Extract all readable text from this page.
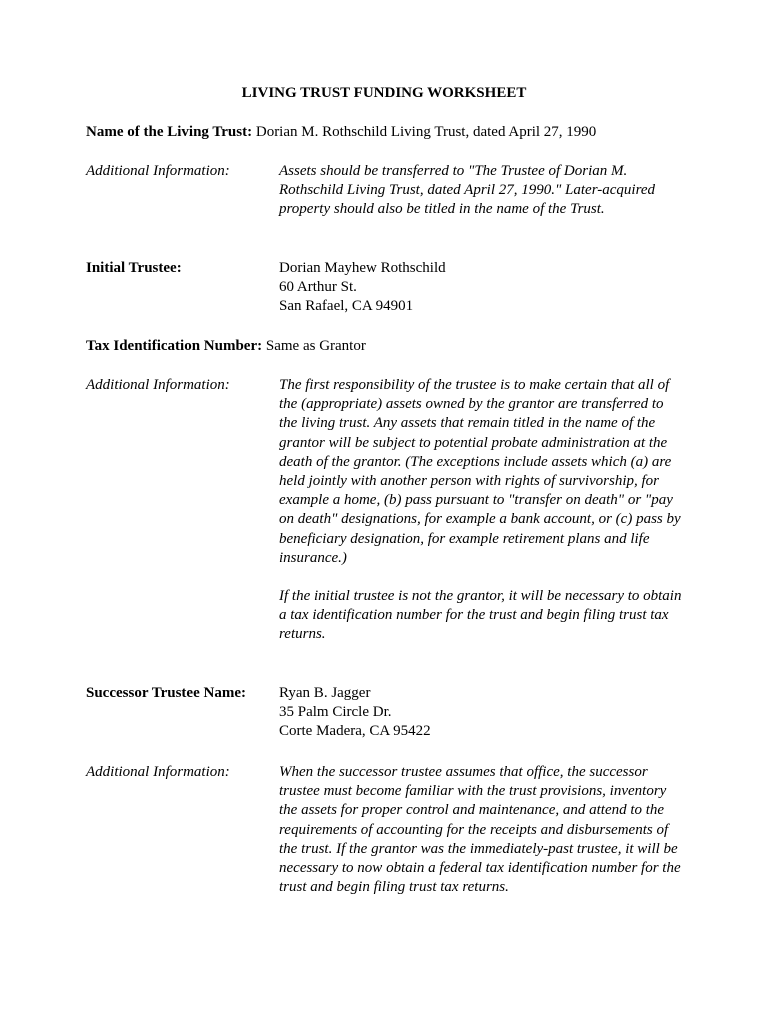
LIVING TRUST FUNDING WORKSHEET

Name of the Living Trust: Dorian M. Rothschild Living Trust, dated April 27, 1990

Additional Information:	Assets should be transferred to "The Trustee of Dorian M. Rothschild Living Trust, dated April 27, 1990." Later-acquired property should also be titled in the name of the Trust.

Initial Trustee:	Dorian Mayhew Rothschild
60 Arthur St.
San Rafael, CA 94901

Tax Identification Number: Same as Grantor

Additional Information:	The first responsibility of the trustee is to make certain that all of the (appropriate) assets owned by the grantor are transferred to the living trust. Any assets that remain titled in the name of the grantor will be subject to potential probate administration at the death of the grantor. (The exceptions include assets which (a) are held jointly with another person with rights of survivorship, for example a home, (b) pass pursuant to "transfer on death" or "pay on death" designations, for example a bank account, or (c) pass by beneficiary designation, for example retirement plans and life insurance.)

If the initial trustee is not the grantor, it will be necessary to obtain a tax identification number for the trust and begin filing trust tax returns.

Successor Trustee Name:	Ryan B. Jagger
35 Palm Circle Dr.
Corte Madera, CA 95422

Additional Information:	When the successor trustee assumes that office, the successor trustee must become familiar with the trust provisions, inventory the assets for proper control and maintenance, and attend to the requirements of accounting for the receipts and disbursements of the trust. If the grantor was the immediately-past trustee, it will be necessary to now obtain a federal tax identification number for the trust and begin filing trust tax returns.
